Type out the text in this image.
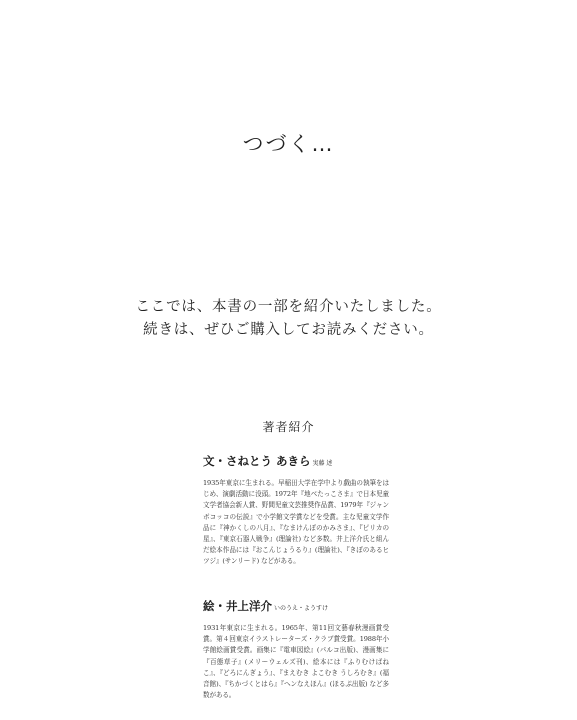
つづく…
ここでは、本書の一部を紹介いたしました。
続きは、ぜひご購入してお読みください。
著者紹介
文・さねとう あきら 実藤 述
1935年東京に生まれる。早稲田大学在学中より戯曲の執筆をはじめ、演劇活動に没頭。1972年『地べたっこさま』で日本児童文学者協会新人賞、野間児童文芸推奨作品賞、1979年『ジャンボコッコの伝説』で小学館文学賞などを受賞。主な児童文学作品に『神かくしの八月』、『なまけんぼのかみさま』、『ピリカの星』、『東京石器人戦争』(理論社) など多数。井上洋介氏と組んだ絵本作品には『おこんじょうるり』(理論社)、『きぼのあるヒツジ』(サンリード) などがある。
絵・井上洋介 いのうえ・ようすけ
1931年東京に生まれる。1965年、第11回文藝春秋漫画賞受賞。第４回東京イラストレーターズ・クラブ賞受賞。1988年小学館絵画賞受賞。画集に『電車図絵』(パルコ出版)、漫画集に『百態草子』(メリーウェルズ刊)、絵本には『ふりむけばねこ』、『どろにんぎょう』、『まえむき よこむき うしろむき』(福音館)、『ちかづくとはら』『へンなえほん』(ほるぷ出版) など多数がある。
